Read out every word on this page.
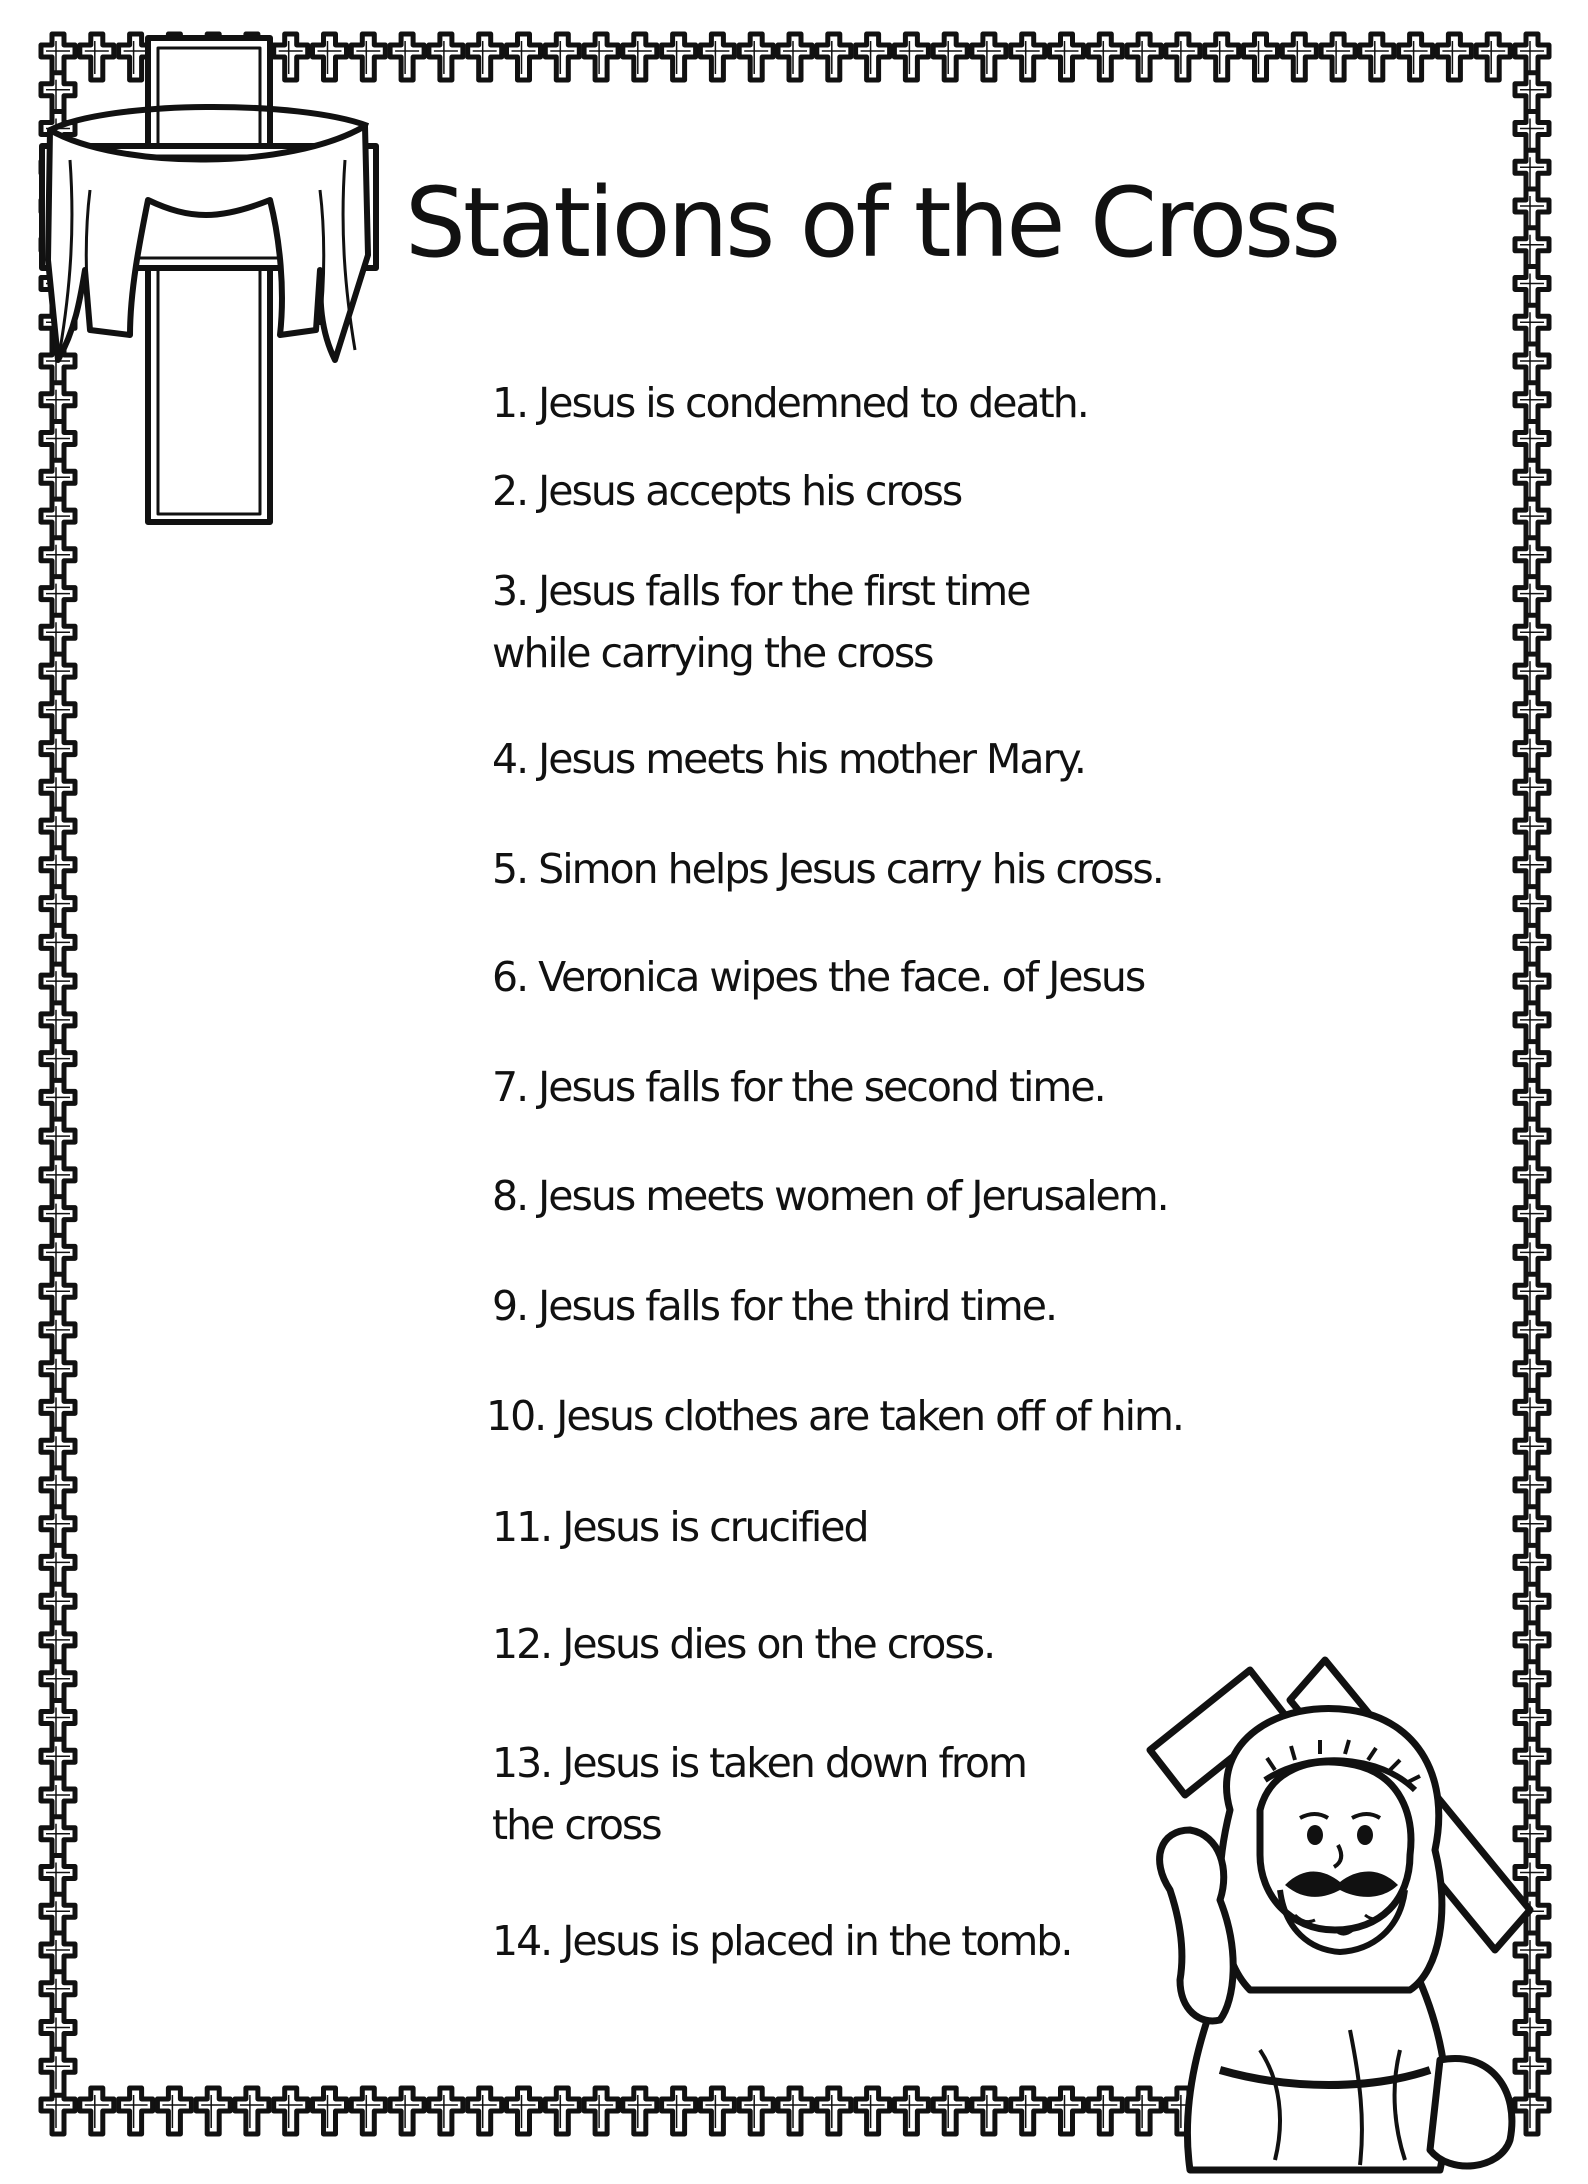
Stations of the Cross
1. Jesus is condemned to death.
2. Jesus accepts his cross
3. Jesus falls for the first time while carrying the cross
4. Jesus meets his mother Mary.
5. Simon helps Jesus carry his cross.
6. Veronica wipes the face. of Jesus
7. Jesus falls for the second time.
8. Jesus meets women of Jerusalem.
9. Jesus falls for the third time.
10. Jesus clothes are taken off of him.
11. Jesus is crucified
12. Jesus dies on the cross.
13. Jesus is taken down from the cross
14. Jesus is placed in the tomb.
